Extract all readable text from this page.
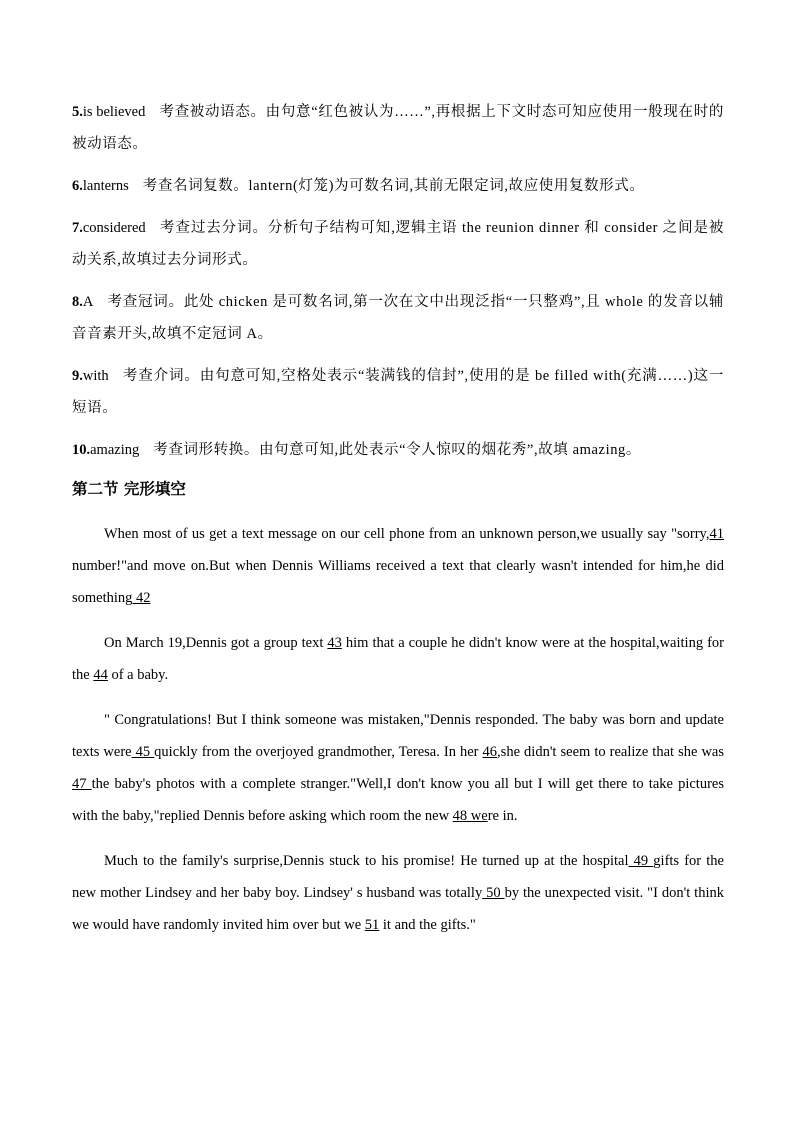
5.is believed 考查被动语态。由句意“红色被认为……”,再根据上下文时态可知应使用一般现在时的被动语态。

6.lanterns 考查名词复数。lantern(灯笼)为可数名词,其前无限定词,故应使用复数形式。

7.considered 考查过去分词。分析句子结构可知,逻辑主语 the reunion dinner 和 consider 之间是被动关系,故填过去分词形式。

8.A 考查冠词。此处 chicken 是可数名词,第一次在文中出现泛指“一只整鸡”,且 whole 的发音以辅音音素开头,故填不定冠词 A。

9.with 考查介词。由句意可知,空格处表示“装满钱的信封”,使用的是 be filled with(充满……)这一短语。

10.amazing 考查词形转换。由句意可知,此处表示“令人惊叹的烟花秀”,故填 amazing。

第二节 完形填空

When most of us get a text message on our cell phone from an unknown person,we usually say "sorry,41 number!"and move on.But when Dennis Williams received a text that clearly wasn't intended for him,he did something 42

On March 19,Dennis got a group text 43 him that a couple he didn't know were at the hospital,waiting for the 44 of a baby.

" Congratulations! But I think someone was mistaken,"Dennis responded. The baby was born and update texts were 45 quickly from the overjoyed grandmother, Teresa. In her 46,she didn't seem to realize that she was 47 the baby's photos with a complete stranger."Well,I don't know you all but I will get there to take pictures with the baby,"replied Dennis before asking which room the new 48 were in.

Much to the family's surprise,Dennis stuck to his promise! He turned up at the hospital 49 gifts for the new mother Lindsey and her baby boy. Lindsey' s husband was totally 50 by the unexpected visit. "I don't think we would have randomly invited him over but we 51 it and the gifts."
